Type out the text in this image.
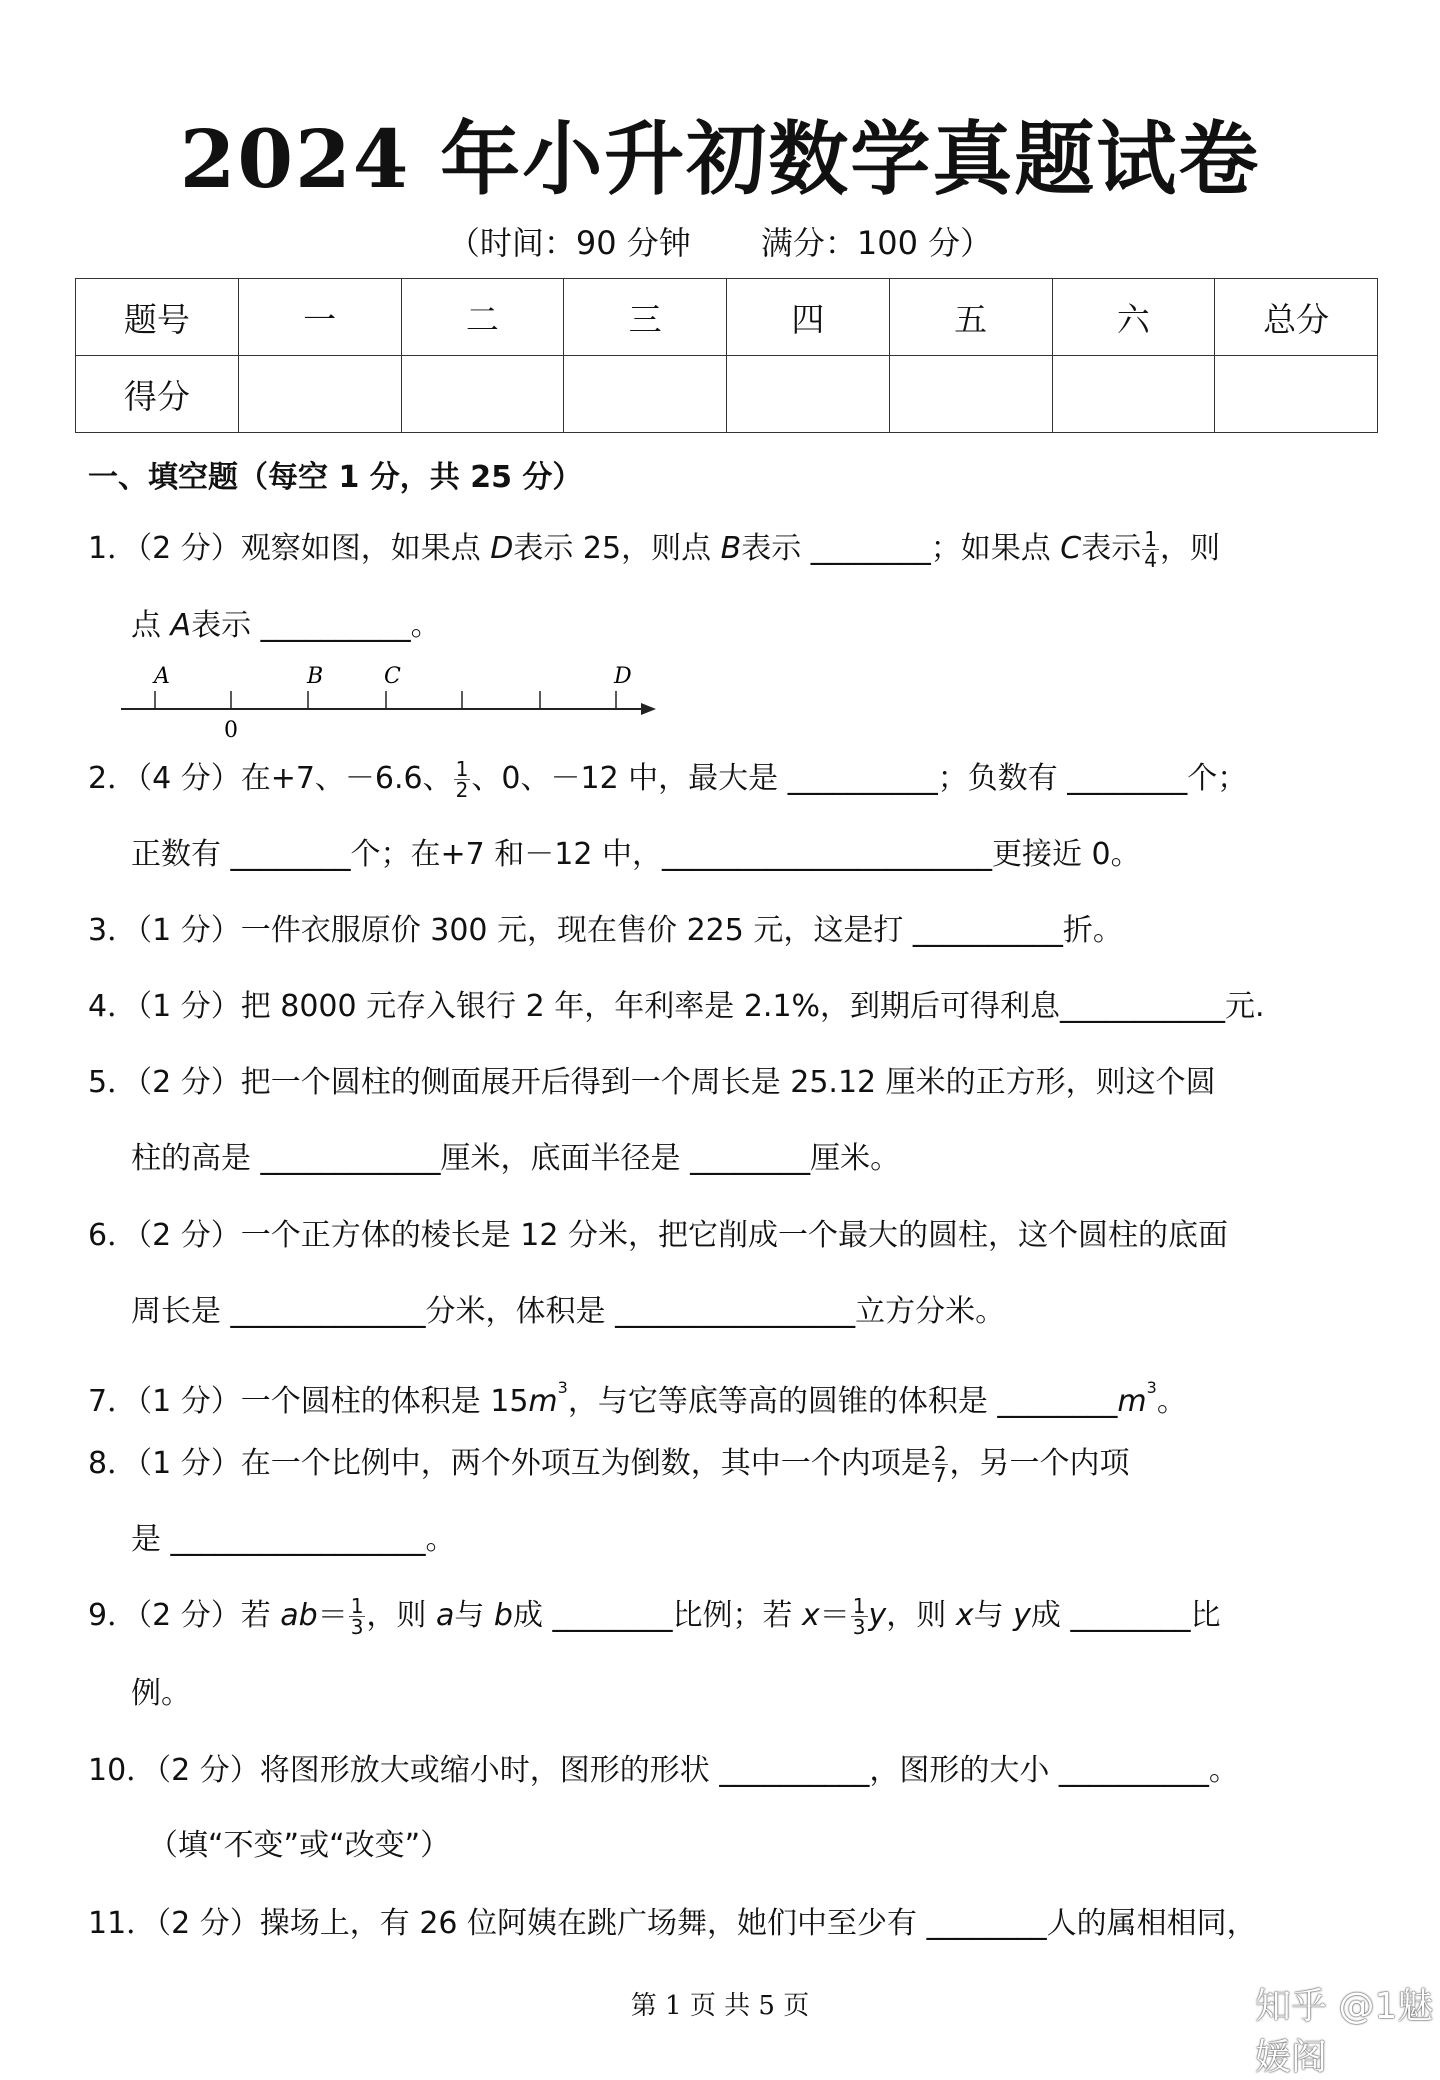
2024 年小升初数学真题试卷
（时间：90 分钟 满分：100 分）
题号	一	二	三	四	五	六	总分
得分							
一、填空题（每空 1 分，共 25 分）
1．（2 分）观察如图，如果点 D表示 25，则点 B表示 ________；如果点 C表示 $\frac{1}{4}$ ，则
点 A表示 __________。
2．（4 分）在+7、－6.6、 $\frac{1}{2}$ 、0、－12 中，最大是 __________；负数有 ________个；
正数有 ________个；在+7 和－12 中，______________________更接近 0。
3．（1 分）一件衣服原价 300 元，现在售价 225 元，这是打 __________折。
4．（1 分）把 8000 元存入银行 2 年，年利率是 2.1%，到期后可得利息___________元.
5．（2 分）把一个圆柱的侧面展开后得到一个周长是 25.12 厘米的正方形，则这个圆
柱的高是 ____________厘米，底面半径是 ________厘米。
6．（2 分）一个正方体的棱长是 12 分米，把它削成一个最大的圆柱，这个圆柱的底面
周长是 _____________分米，体积是 ________________立方分米。
7．（1 分）一个圆柱的体积是 $15m^3$，与它等底等高的圆锥的体积是 $\_\_\_\_\_\_\_\_m^3$。
8．（1 分）在一个比例中，两个外项互为倒数，其中一个内项是 $\frac{2}{7}$ ，另一个内项
是 _________________。
9．（2 分）若 $ab= \frac{1}{3}$ ，则 a与 b成 ________比例；若 $x= \frac{1}{3}$ y，则 x与 y成 ________比
例。
10．（2 分）将图形放大或缩小时，图形的形状 __________，图形的大小 __________。
（填“不变”或“改变”）
11．（2 分）操场上，有 26 位阿姨在跳广场舞，她们中至少有 ________人的属相相同，
A	B	C	D
0
第 1 页 共 5 页	知乎 @1魅媛阁
